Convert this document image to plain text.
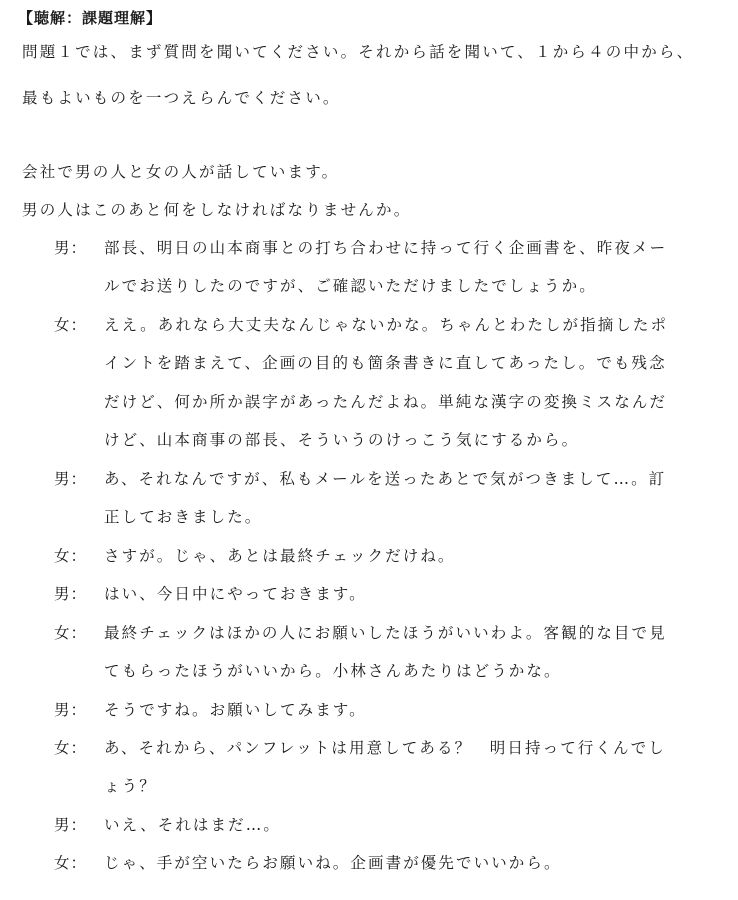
【聴解：課題理解】
問題１では、まず質問を聞いてください。それから話を聞いて、１から４の中から、
最もよいものを一つえらんでください。
会社で男の人と女の人が話しています。
男の人はこのあと何をしなければなりませんか。
男： 部長、明日の山本商事との打ち合わせに持って行く企画書を、昨夜メー
ルでお送りしたのですが、ご確認いただけましたでしょうか。
女： ええ。あれなら大丈夫なんじゃないかな。ちゃんとわたしが指摘したポ
イントを踏まえて、企画の目的も箇条書きに直してあったし。でも残念
だけど、何か所か誤字があったんだよね。単純な漢字の変換ミスなんだ
けど、山本商事の部長、そういうのけっこう気にするから。
男： あ、それなんですが、私もメールを送ったあとで気がつきまして…。訂
正しておきました。
女： さすが。じゃ、あとは最終チェックだけね。
男： はい、今日中にやっておきます。
女： 最終チェックはほかの人にお願いしたほうがいいわよ。客観的な目で見
てもらったほうがいいから。小林さんあたりはどうかな。
男： そうですね。お願いしてみます。
女： あ、それから、パンフレットは用意してある？　明日持って行くんでし
ょう？
男： いえ、それはまだ…。
女： じゃ、手が空いたらお願いね。企画書が優先でいいから。
